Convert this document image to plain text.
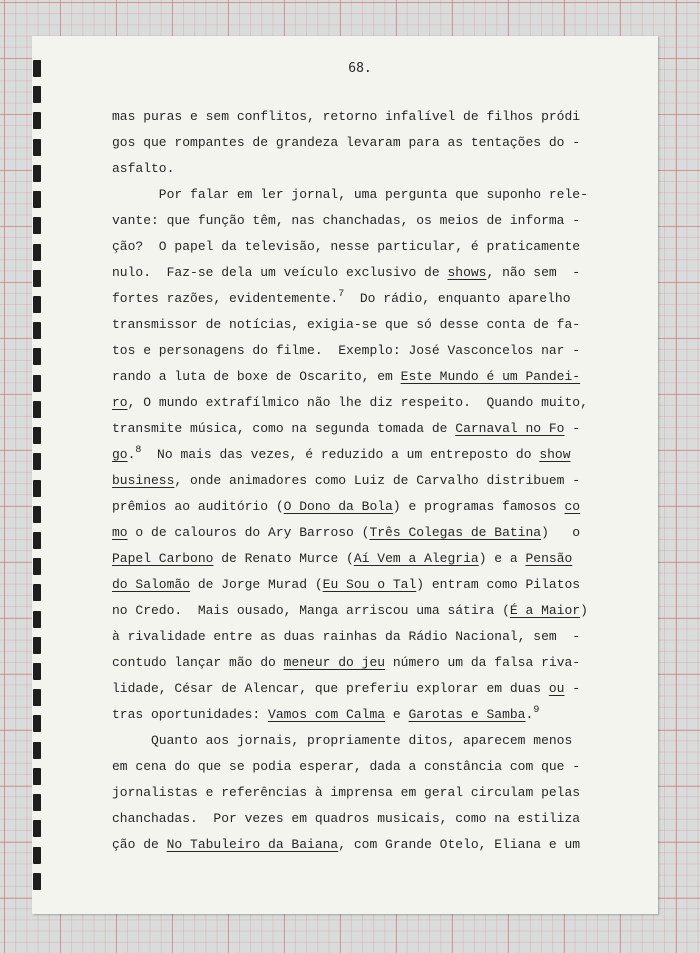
68.
mas puras e sem conflitos, retorno infalível de filhos pródi
gos que rompantes de grandeza levaram para as tentações do -
asfalto.
Por falar em ler jornal, uma pergunta que suponho rele-
vante: que função têm, nas chanchadas, os meios de informa -
ção?  O papel da televisão, nesse particular, é praticamente
nulo.  Faz-se dela um veículo exclusivo de shows, não sem  -
fortes razões, evidentemente.$^7$  Do rádio, enquanto aparelho
transmissor de notícias, exigia-se que só desse conta de fa-
tos e personagens do filme.  Exemplo: José Vasconcelos nar -
rando a luta de boxe de Oscarito, em Este Mundo é um Pandei-
ro, O mundo extrafílmico não lhe diz respeito.  Quando muito,
transmite música, como na segunda tomada de Carnaval no Fo -
go.$^8$  No mais das vezes, é reduzido a um entreposto do show
business, onde animadores como Luiz de Carvalho distribuem -
prêmios ao auditório (O Dono da Bola) e programas famosos co
mo o de calouros do Ary Barroso (Três Colegas de Batina)   o
Papel Carbono de Renato Murce (Aí Vem a Alegria) e a Pensão
do Salomão de Jorge Murad (Eu Sou o Tal) entram como Pilatos
no Credo.  Mais ousado, Manga arriscou uma sátira (É a Maior)
à rivalidade entre as duas rainhas da Rádio Nacional, sem  -
contudo lançar mão do meneur do jeu número um da falsa riva-
lidade, César de Alencar, que preferiu explorar em duas ou -
tras oportunidades: Vamos com Calma e Garotas e Samba.$^9$
Quanto aos jornais, propriamente ditos, aparecem menos
em cena do que se podia esperar, dada a constância com que -
jornalistas e referências à imprensa em geral circulam pelas
chanchadas.  Por vezes em quadros musicais, como na estiliza
ção de No Tabuleiro da Baiana, com Grande Otelo, Eliana e um
